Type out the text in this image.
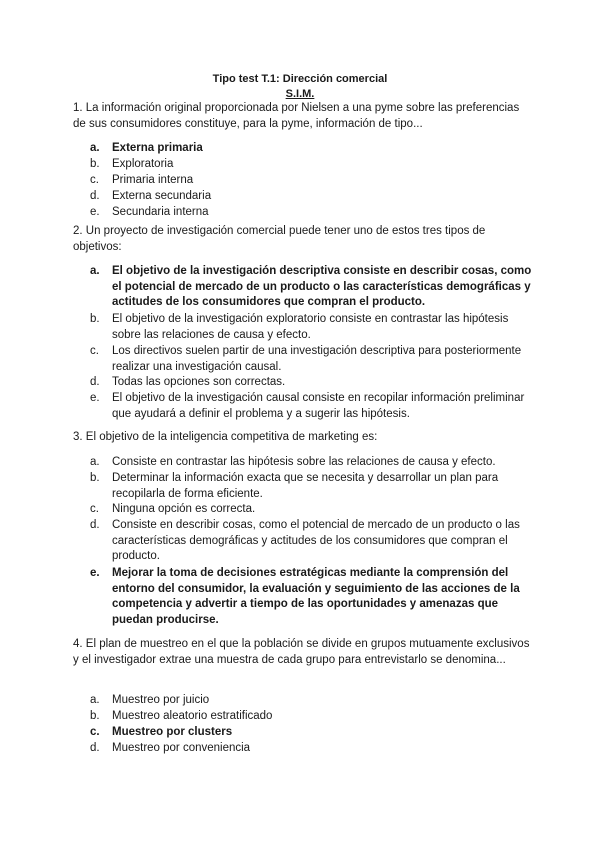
Tipo test T.1: Dirección comercial
S.I.M.
1. La información original proporcionada por Nielsen a una pyme sobre las preferencias de sus consumidores constituye, para la pyme, información de tipo...
a. Externa primaria
b. Exploratoria
c. Primaria interna
d. Externa secundaria
e. Secundaria interna
2. Un proyecto de investigación comercial puede tener uno de estos tres tipos de objetivos:
a. El objetivo de la investigación descriptiva consiste en describir cosas, como el potencial de mercado de un producto o las características demográficas y actitudes de los consumidores que compran el producto.
b. El objetivo de la investigación exploratorio consiste en contrastar las hipótesis sobre las relaciones de causa y efecto.
c. Los directivos suelen partir de una investigación descriptiva para posteriormente realizar una investigación causal.
d. Todas las opciones son correctas.
e. El objetivo de la investigación causal consiste en recopilar información preliminar que ayudará a definir el problema y a sugerir las hipótesis.
3. El objetivo de la inteligencia competitiva de marketing es:
a. Consiste en contrastar las hipótesis sobre las relaciones de causa y efecto.
b. Determinar la información exacta que se necesita y desarrollar un plan para recopilarla de forma eficiente.
c. Ninguna opción es correcta.
d. Consiste en describir cosas, como el potencial de mercado de un producto o las características demográficas y actitudes de los consumidores que compran el producto.
e. Mejorar la toma de decisiones estratégicas mediante la comprensión del entorno del consumidor, la evaluación y seguimiento de las acciones de la competencia y advertir a tiempo de las oportunidades y amenazas que puedan producirse.
4. El plan de muestreo en el que la población se divide en grupos mutuamente exclusivos y el investigador extrae una muestra de cada grupo para entrevistarlo se denomina...
a. Muestreo por juicio
b. Muestreo aleatorio estratificado
c. Muestreo por clusters
d. Muestreo por conveniencia
